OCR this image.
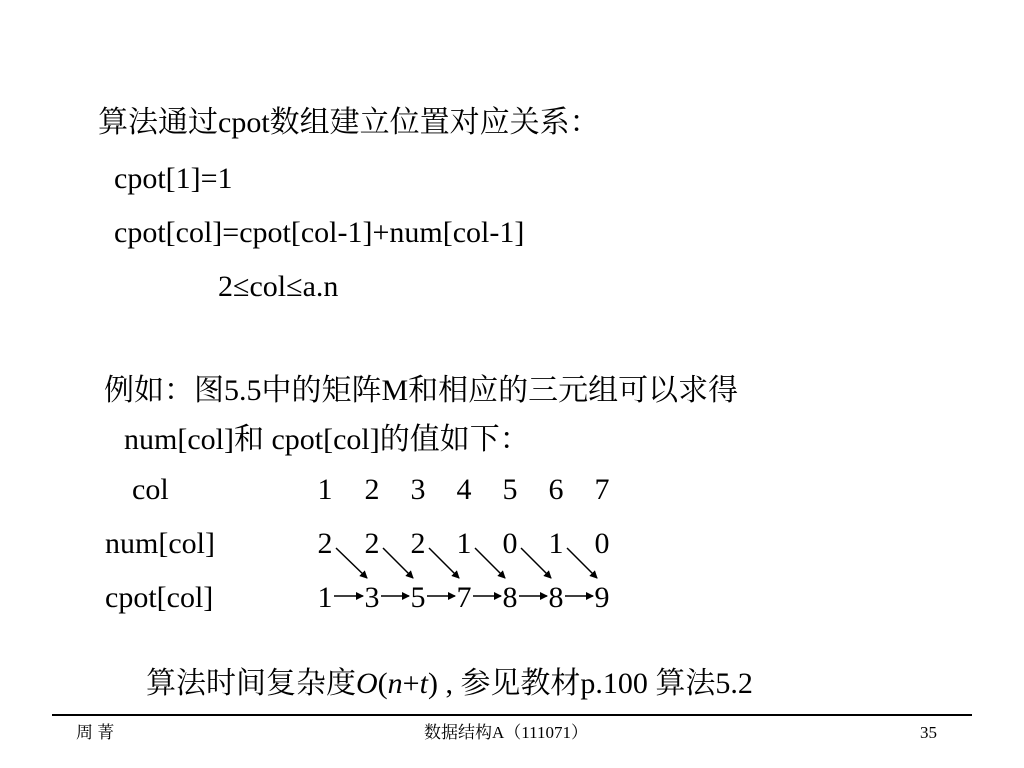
算法通过cpot数组建立位置对应关系：
cpot[1]=1
cpot[col]=cpot[col-1]+num[col-1]
2≤col≤a.n
例如：图5.5中的矩阵M和相应的三元组可以求得
num[col]和 cpot[col]的值如下：
col
num[col]
cpot[col]
1 2 3 4 5 6 7
2 2 2 1 0 1 0
1 3 5 7 8 8 9
算法时间复杂度O(n+t) , 参见教材p.100 算法5.2
周 菁	数据结构A（111071）	35
